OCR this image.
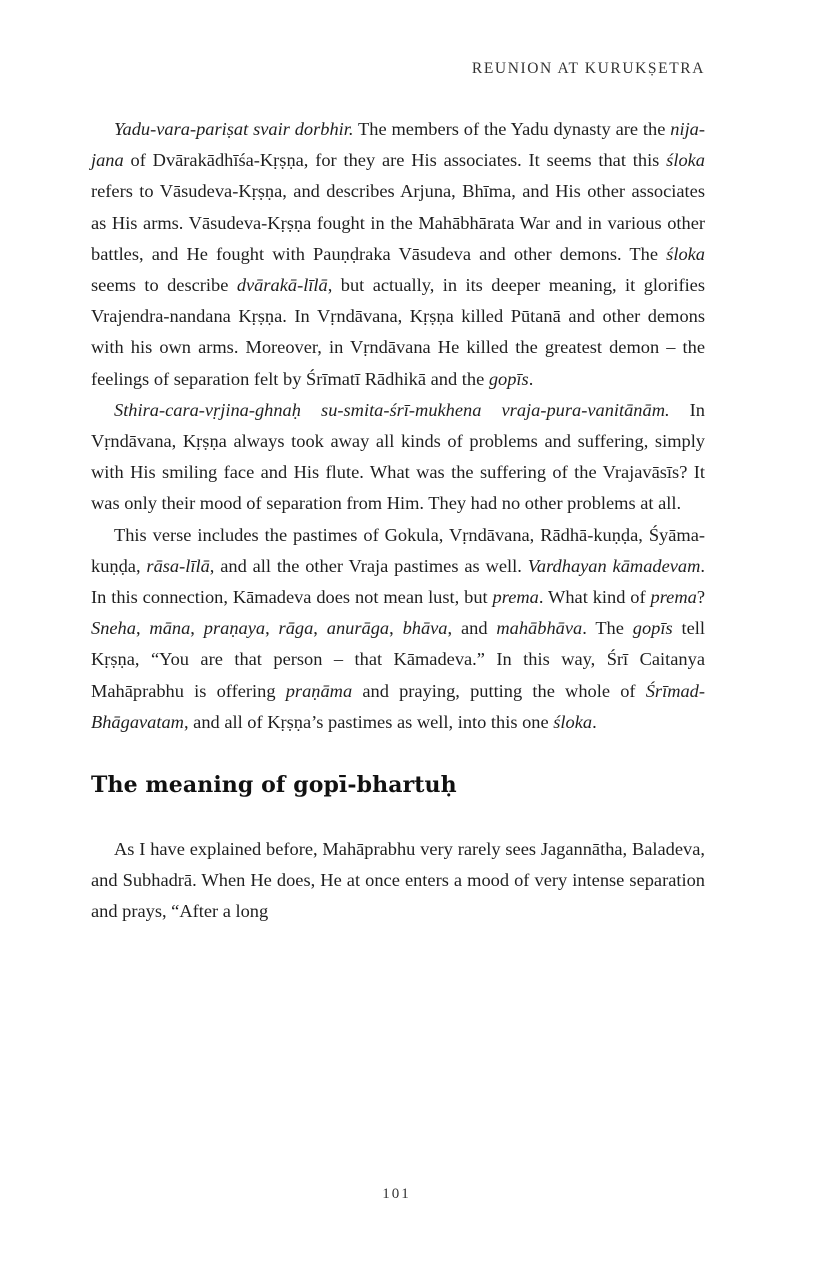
REUNION AT KURUKṢETRA

Yadu-vara-pariṣat svair dorbhir. The members of the Yadu dynasty are the nija-jana of Dvārakādhīśa-Kṛṣṇa, for they are His associates. It seems that this śloka refers to Vāsudeva-Kṛṣṇa, and describes Arjuna, Bhīma, and His other associates as His arms. Vāsudeva-Kṛṣṇa fought in the Mahābhārata War and in various other battles, and He fought with Pauṇḍraka Vāsudeva and other demons. The śloka seems to describe dvārakā-līlā, but actually, in its deeper meaning, it glorifies Vrajendra-nandana Kṛṣṇa. In Vṛndāvana, Kṛṣṇa killed Pūtanā and other demons with his own arms. Moreover, in Vṛndāvana He killed the greatest demon – the feelings of separation felt by Śrīmatī Rādhikā and the gopīs.

Sthira-cara-vṛjina-ghnaḥ su-smita-śrī-mukhena vraja-pura-vanitānām. In Vṛndāvana, Kṛṣṇa always took away all kinds of problems and suffering, simply with His smiling face and His flute. What was the suffering of the Vrajavāsīs? It was only their mood of separation from Him. They had no other problems at all.

This verse includes the pastimes of Gokula, Vṛndāvana, Rādhā-kuṇḍa, Śyāma-kuṇḍa, rāsa-līlā, and all the other Vraja pastimes as well. Vardhayan kāmadevam. In this connection, Kāmadeva does not mean lust, but prema. What kind of prema? Sneha, māna, praṇaya, rāga, anurāga, bhāva, and mahābhāva. The gopīs tell Kṛṣṇa, “You are that person – that Kāmadeva.” In this way, Śrī Caitanya Mahāprabhu is offering praṇāma and praying, putting the whole of Śrīmad-Bhāgavatam, and all of Kṛṣṇa’s pastimes as well, into this one śloka.

The meaning of gopī-bhartuḥ

As I have explained before, Mahāprabhu very rarely sees Jagannātha, Baladeva, and Subhadrā. When He does, He at once enters a mood of very intense separation and prays, “After a long

101
